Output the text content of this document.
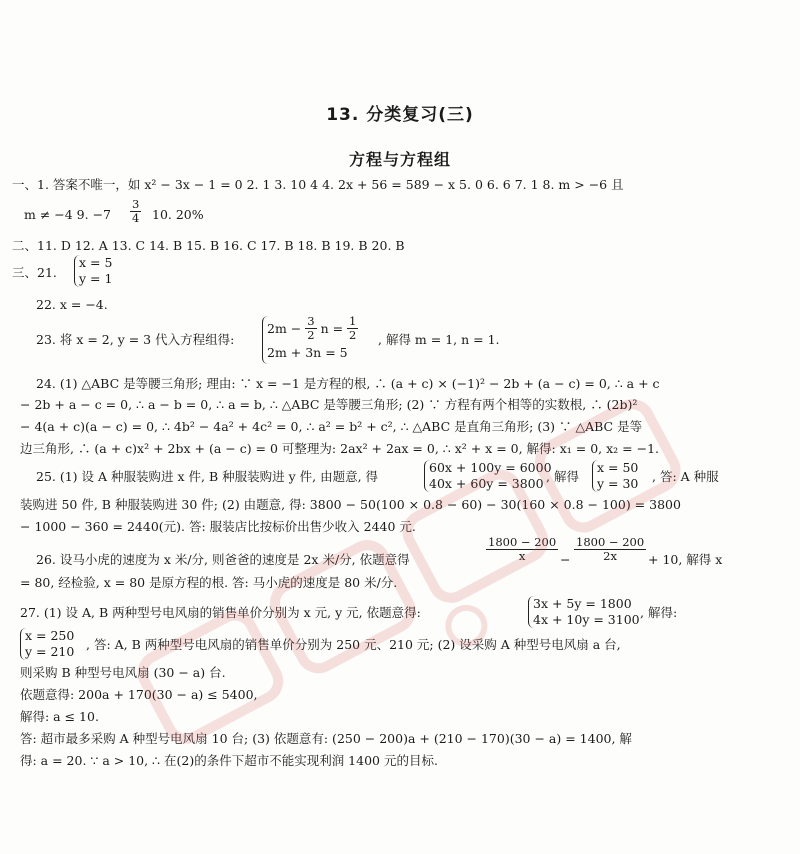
13. 分类复习(三)
方程与方程组
一、1. 答案不唯一，如 x² − 3x − 1 = 0 2. 1 3. 10 4 4. 2x + 56 = 589 − x 5. 0 6. 6 7. 1 8. m > −6 且
m ≠ −4 9. $-7 \frac{3}{4} 10$. 20%
二、11. D 12. A 13. C 14. B 15. B 16. C 17. B 18. B 19. B 20. B
三、21.
x = 5
y = 1
22. x = −4.
23. 将 x = 2, y = 3 代入方程组得:
$2m - \frac{3}{2}$ $n = \frac{1}{2}$
2m + 3n = 5
, 解得 m = 1, n = 1.
24. (1) △ABC 是等腰三角形; 理由: ∵ x = −1 是方程的根, ∴ (a + c) × (−1)² − 2b + (a − c) = 0, ∴ a + c
− 2b + a − c = 0, ∴ a − b = 0, ∴ a = b, ∴ △ABC 是等腰三角形; (2) ∵ 方程有两个相等的实数根, ∴ (2b)²
− 4(a + c)(a − c) = 0, ∴ 4b² − 4a² + 4c² = 0, ∴ a² = b² + c², ∴ △ABC 是直角三角形; (3) ∵ △ABC 是等
边三角形, ∴ (a + c)x² + 2bx + (a − c) = 0 可整理为: 2ax² + 2ax = 0, ∴ x² + x = 0, 解得: x₁ = 0, x₂ = −1.
25. (1) 设 A 种服装购进 x 件, B 种服装购进 y 件, 由题意, 得
60x + 100y = 6000
40x + 60y = 3800 , 解得
x = 50
y = 30 , 答: A 种服
装购进 50 件, B 种服装购进 30 件; (2) 由题意, 得: 3800 − 50(100 × 0.8 − 60) − 30(160 × 0.8 − 100) = 3800
− 1000 − 360 = 2440(元). 答: 服装店比按标价出售少收入 2440 元.
26. 设马小虎的速度为 x 米/分, 则爸爸的速度是 2x 米/分, 依题意得	$\frac{1800 - 200}{x} - \frac{1800 - 200}{2x} + 10$, 解得 x
= 80, 经检验, x = 80 是原方程的根. 答: 马小虎的速度是 80 米/分.
27. (1) 设 A, B 两种型号电风扇的销售单价分别为 x 元, y 元, 依题意得:
3x + 5y = 1800
4x + 10y = 3100 , 解得:
x = 250
y = 210 , 答: A, B 两种型号电风扇的销售单价分别为 250 元、210 元; (2) 设采购 A 种型号电风扇 a 台,
则采购 B 种型号电风扇 (30 − a) 台.
依题意得: 200a + 170(30 − a) ≤ 5400,
解得: a ≤ 10.
答: 超市最多采购 A 种型号电风扇 10 台; (3) 依题意有: (250 − 200)a + (210 − 170)(30 − a) = 1400, 解
得: a = 20. ∵ a > 10, ∴ 在(2)的条件下超市不能实现利润 1400 元的目标.
